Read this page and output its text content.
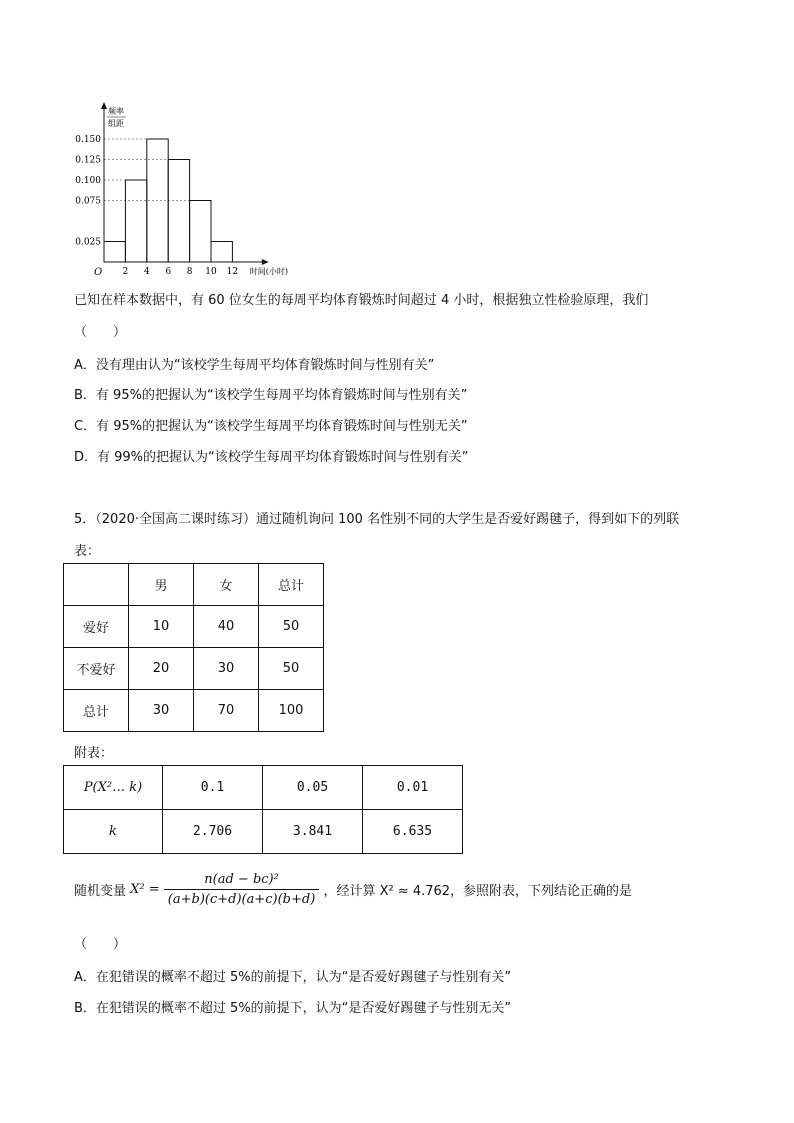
0.025
0.075
0.100
0.125
0.150
2 4 6 8 10 12
O	时间(小时)
频率
组距
已知在样本数据中，有 60 位女生的每周平均体育锻炼时间超过 4 小时，根据独立性检验原理，我们
（　　）
A．没有理由认为“该校学生每周平均体育锻炼时间与性别有关”
B．有 95%的把握认为“该校学生每周平均体育锻炼时间与性别有关”
C．有 95%的把握认为“该校学生每周平均体育锻炼时间与性别无关”
D．有 99%的把握认为“该校学生每周平均体育锻炼时间与性别有关”
5．（2020·全国高二课时练习）通过随机询问 100 名性别不同的大学生是否爱好踢毽子，得到如下的列联
表：
	男	女	总计
爱好	10	40	50
不爱好	20	30	50
总计	30	70	100
附表：
P(X²… k)	0.1	0.05	0.01
k	2.706	3.841	6.635
随机变量 $X^2 = \frac{\text{n(ad − bc)²}}{(a+b)(c+d)(a+c)(b+d)}$ ，经计算 X² ≈ 4.762，参照附表，下列结论正确的是
（　　）
A．在犯错误的概率不超过 5%的前提下，认为“是否爱好踢毽子与性别有关”
B．在犯错误的概率不超过 5%的前提下，认为“是否爱好踢毽子与性别无关”
